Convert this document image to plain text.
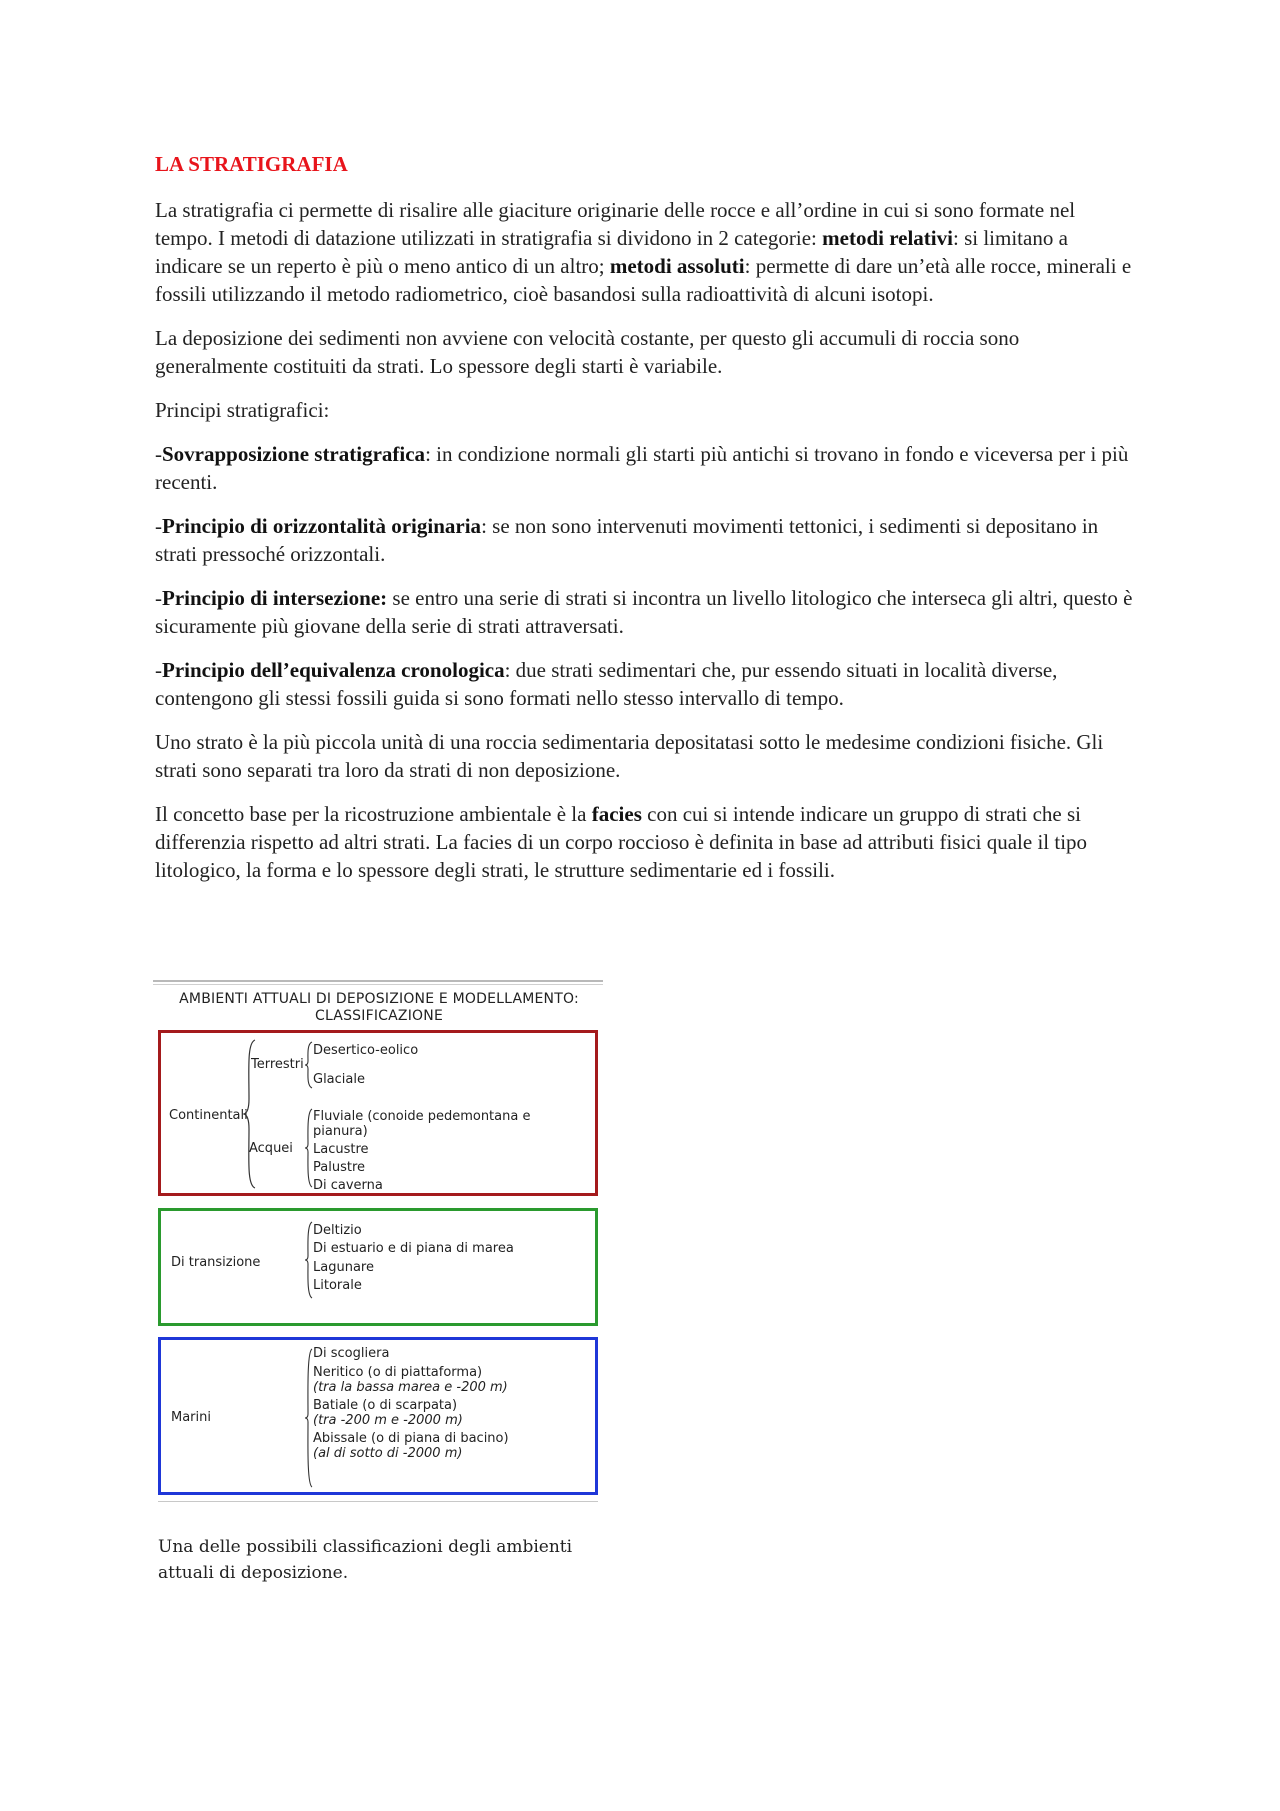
LA STRATIGRAFIA

La stratigrafia ci permette di risalire alle giaciture originarie delle rocce e all’ordine in cui si sono formate nel tempo. I metodi di datazione utilizzati in stratigrafia si dividono in 2 categorie: metodi relativi: si limitano a indicare se un reperto è più o meno antico di un altro; metodi assoluti: permette di dare un’età alle rocce, minerali e fossili utilizzando il metodo radiometrico, cioè basandosi sulla radioattività di alcuni isotopi.

La deposizione dei sedimenti non avviene con velocità costante, per questo gli accumuli di roccia sono generalmente costituiti da strati. Lo spessore degli starti è variabile.

Principi stratigrafici:

-Sovrapposizione stratigrafica: in condizione normali gli starti più antichi si trovano in fondo e viceversa per i più recenti.

-Principio di orizzontalità originaria: se non sono intervenuti movimenti tettonici, i sedimenti si depositano in strati pressoché orizzontali.

-Principio di intersezione: se entro una serie di strati si incontra un livello litologico che interseca gli altri, questo è sicuramente più giovane della serie di strati attraversati.

-Principio dell’equivalenza cronologica: due strati sedimentari che, pur essendo situati in località diverse, contengono gli stessi fossili guida si sono formati nello stesso intervallo di tempo.

Uno strato è la più piccola unità di una roccia sedimentaria depositatasi sotto le medesime condizioni fisiche. Gli strati sono separati tra loro da strati di non deposizione.

Il concetto base per la ricostruzione ambientale è la facies con cui si intende indicare un gruppo di strati che si differenzia rispetto ad altri strati. La facies di un corpo roccioso è definita in base ad attributi fisici quale il tipo litologico, la forma e lo spessore degli strati, le strutture sedimentarie ed i fossili.

AMBIENTI ATTUALI DI DEPOSIZIONE E MODELLAMENTO:
CLASSIFICAZIONE
Continentali
Terrestri
Desertico-eolico
Glaciale
Acquei
Fluviale (conoide pedemontana e
pianura)
Lacustre
Palustre
Di caverna
Di transizione
Deltizio
Di estuario e di piana di marea
Lagunare
Litorale
Marini
Di scogliera
Neritico (o di piattaforma)
(tra la bassa marea e -200 m)
Batiale (o di scarpata)
(tra -200 m e -2000 m)
Abissale (o di piana di bacino)
(al di sotto di -2000 m)
Una delle possibili classificazioni degli ambienti attuali di deposizione.
